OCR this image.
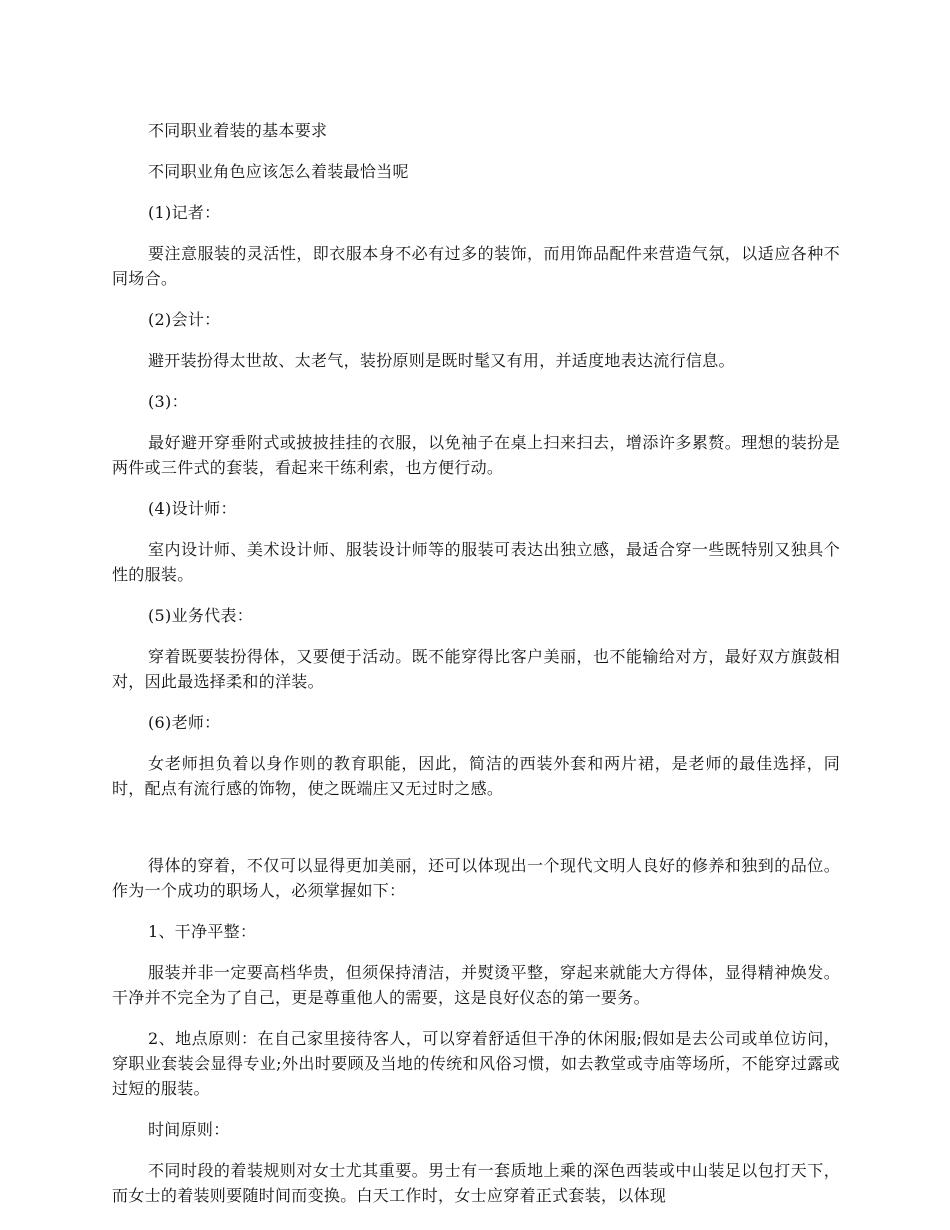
不同职业着装的基本要求

不同职业角色应该怎么着装最恰当呢

(1)记者：

要注意服装的灵活性，即衣服本身不必有过多的装饰，而用饰品配件来营造气氛，以适应各种不同场合。

(2)会计：

避开装扮得太世故、太老气，装扮原则是既时髦又有用，并适度地表达流行信息。

(3)：

最好避开穿垂附式或披披挂挂的衣服，以免袖子在桌上扫来扫去，增添许多累赘。理想的装扮是两件或三件式的套装，看起来干练利索，也方便行动。

(4)设计师：

室内设计师、美术设计师、服装设计师等的服装可表达出独立感，最适合穿一些既特别又独具个性的服装。

(5)业务代表：

穿着既要装扮得体，又要便于活动。既不能穿得比客户美丽，也不能输给对方，最好双方旗鼓相对，因此最选择柔和的洋装。

(6)老师：

女老师担负着以身作则的教育职能，因此，简洁的西装外套和两片裙，是老师的最佳选择，同时，配点有流行感的饰物，使之既端庄又无过时之感。

得体的穿着，不仅可以显得更加美丽，还可以体现出一个现代文明人良好的修养和独到的品位。作为一个成功的职场人，必须掌握如下：

1、干净平整：

服装并非一定要高档华贵，但须保持清洁，并熨烫平整，穿起来就能大方得体，显得精神焕发。干净并不完全为了自己，更是尊重他人的需要，这是良好仪态的第一要务。

2、地点原则：在自己家里接待客人，可以穿着舒适但干净的休闲服;假如是去公司或单位访问，穿职业套装会显得专业;外出时要顾及当地的传统和风俗习惯，如去教堂或寺庙等场所，不能穿过露或过短的服装。

时间原则：

不同时段的着装规则对女士尤其重要。男士有一套质地上乘的深色西装或中山装足以包打天下，而女士的着装则要随时间而变换。白天工作时，女士应穿着正式套装，以体现
